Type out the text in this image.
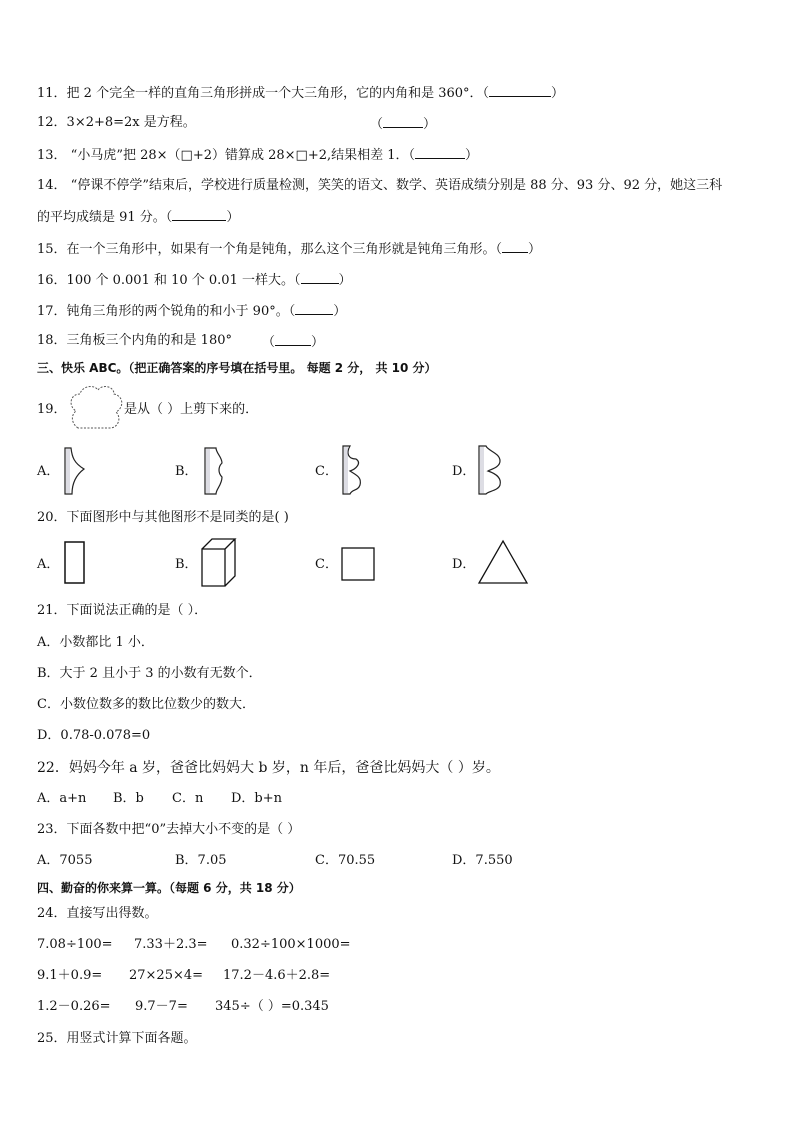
11．把 2 个完全一样的直角三角形拼成一个大三角形，它的内角和是 360°．（	）
12．3×2+8=2x 是方程。	（	）
13． “小马虎”把 28×（□+2）错算成 28×□+2,结果相差 1．（	）
14． “停课不停学”结束后，学校进行质量检测，笑笑的语文、数学、英语成绩分别是 88 分、93 分、92 分，她这三科
的平均成绩是 91 分。（	）
15．在一个三角形中，如果有一个角是钝角，那么这个三角形就是钝角三角形。（ ）
16．100 个 0.001 和 10 个 0.01 一样大。（	）
17．钝角三角形的两个锐角的和小于 90°。（	）
18．三角板三个内角的和是 180° （	）
三、快乐 ABC。（把正确答案的序号填在括号里。 每题 2 分， 共 10 分）
19．	是从（ ）上剪下来的．
A．	B．	C．	D．
20．下面图形中与其他图形不是同类的是( )
A．	B．	C．	D．
21．下面说法正确的是（ ）．
A．小数都比 1 小．
B．大于 2 且小于 3 的小数有无数个．
C．小数位数多的数比位数少的数大．
D．0.78-0.078=0
22．妈妈今年 a 岁，爸爸比妈妈大 b 岁，n 年后，爸爸比妈妈大（ ）岁。
A．a+n B．b C．n D．b+n
23．下面各数中把“0”去掉大小不变的是（ ）
A．7055	B．7.05	C．70.55	D．7.550
四、勤奋的你来算一算。（每题 6 分，共 18 分）
24．直接写出得数。
7.08÷100= 7.33＋2.3= 0.32÷100×1000=
9.1＋0.9= 27×25×4= 17.2－4.6＋2.8=
1.2－0.26= 9.7－7= 345÷（ ）=0.345
25．用竖式计算下面各题。
